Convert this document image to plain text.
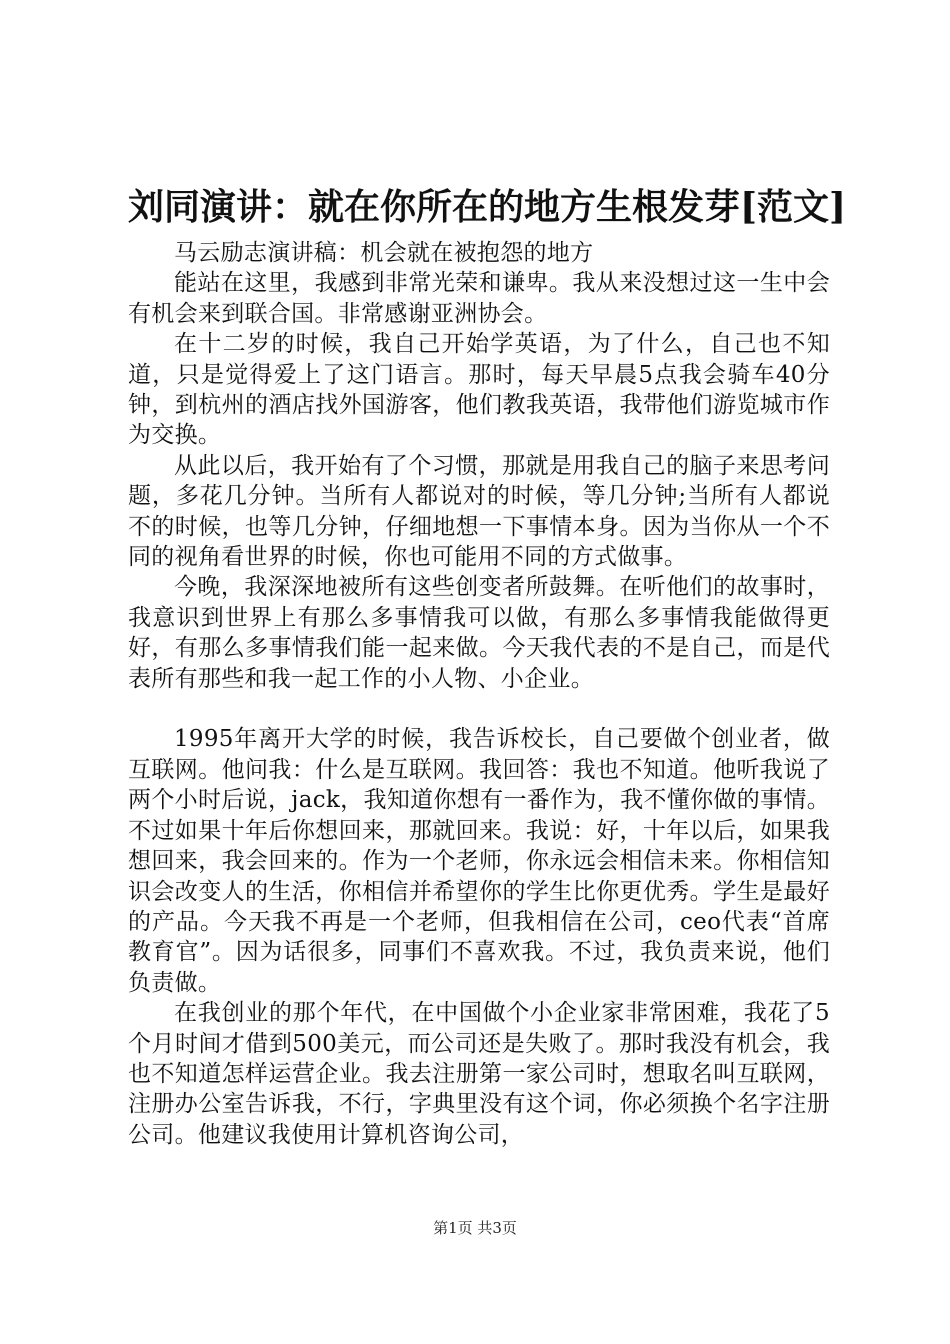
刘同演讲：就在你所在的地方生根发芽[范文]

马云励志演讲稿：机会就在被抱怨的地方

能站在这里，我感到非常光荣和谦卑。我从来没想过这一生中会有机会来到联合国。非常感谢亚洲协会。

在十二岁的时候，我自己开始学英语，为了什么，自己也不知道，只是觉得爱上了这门语言。那时，每天早晨5点我会骑车40分钟，到杭州的酒店找外国游客，他们教我英语，我带他们游览城市作为交换。

从此以后，我开始有了个习惯，那就是用我自己的脑子来思考问题，多花几分钟。当所有人都说对的时候，等几分钟;当所有人都说不的时候，也等几分钟，仔细地想一下事情本身。因为当你从一个不同的视角看世界的时候，你也可能用不同的方式做事。

今晚，我深深地被所有这些创变者所鼓舞。在听他们的故事时，我意识到世界上有那么多事情我可以做，有那么多事情我能做得更好，有那么多事情我们能一起来做。今天我代表的不是自己，而是代表所有那些和我一起工作的小人物、小企业。

1995年离开大学的时候，我告诉校长，自己要做个创业者，做互联网。他问我：什么是互联网。我回答：我也不知道。他听我说了两个小时后说，jack，我知道你想有一番作为，我不懂你做的事情。不过如果十年后你想回来，那就回来。我说：好，十年以后，如果我想回来，我会回来的。作为一个老师，你永远会相信未来。你相信知识会改变人的生活，你相信并希望你的学生比你更优秀。学生是最好的产品。今天我不再是一个老师，但我相信在公司，ceo代表“首席教育官”。因为话很多，同事们不喜欢我。不过，我负责来说，他们负责做。

在我创业的那个年代，在中国做个小企业家非常困难，我花了5个月时间才借到500美元，而公司还是失败了。那时我没有机会，我也不知道怎样运营企业。我去注册第一家公司时，想取名叫互联网，注册办公室告诉我，不行，字典里没有这个词，你必须换个名字注册公司。他建议我使用计算机咨询公司，

第1页 共3页
